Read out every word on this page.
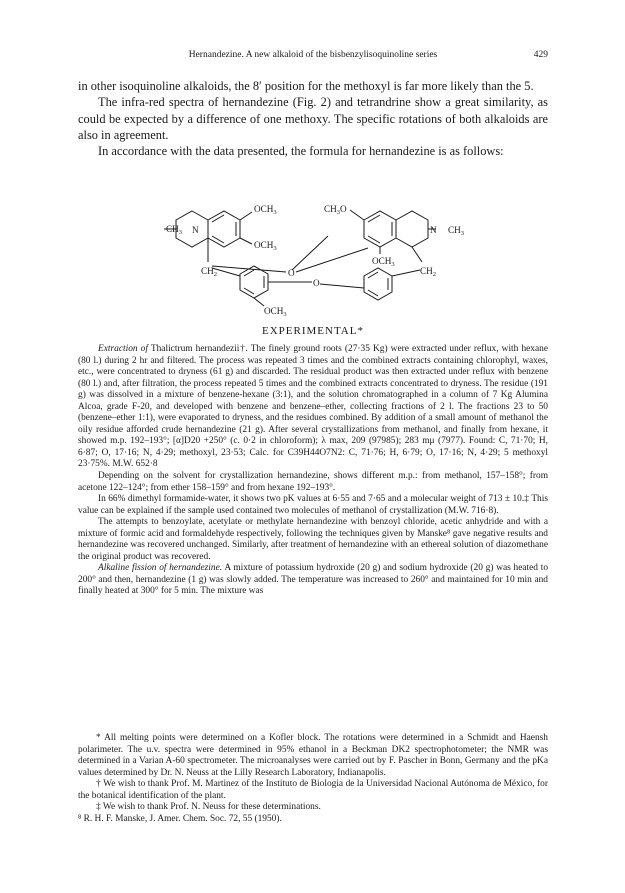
Hernandezine. A new alkaloid of the bisbenzylisoquinoline series	429

in other isoquinoline alkaloids, the 8′ position for the methoxyl is far more likely than the 5.

The infra-red spectra of hernandezine (Fig. 2) and tetrandrine show a great similarity, as could be expected by a difference of one methoxy. The specific rotations of both alkaloids are also in agreement.

In accordance with the data presented, the formula for hernandezine is as follows:

$OCH_3$	$CH_3O$
$CH_3$ N
$OCH_3$
N $CH_3$
$OCH_3$
$CH_2$	$CH_2$
O
O
$OCH_3$
EXPERIMENTAL*

Extraction of Thalictrum hernandezii†. The finely ground roots (27·35 Kg) were extracted under reflux, with hexane (80 l.) during 2 hr and filtered. The process was repeated 3 times and the combined extracts containing chlorophyl, waxes, etc., were concentrated to dryness (61 g) and discarded. The residual product was then extracted under reflux with benzene (80 l.) and, after filtration, the process repeated 5 times and the combined extracts concentrated to dryness. The residue (191 g) was dissolved in a mixture of benzene-hexane (3:1), and the solution chromatographed in a column of 7 Kg Alumina Alcoa, grade F-20, and developed with benzene and benzene–ether, collecting fractions of 2 l. The fractions 23 to 50 (benzene–ether 1:1), were evaporated to dryness, and the residues combined. By addition of a small amount of methanol the oily residue afforded crude hernandezine (21 g). After several crystallizations from methanol, and finally from hexane, it showed m.p. 192–193°; [α]D20 +250° (c. 0·2 in chloroform); λ max, 209 (97985); 283 mμ (7977). Found: C, 71·70; H, 6·87; O, 17·16; N, 4·29; methoxyl, 23·53; Calc. for C39H44O7N2: C, 71·76; H, 6·79; O, 17·16; N, 4·29; 5 methoxyl 23·75%. M.W. 652·8

Depending on the solvent for crystallization hernandezine, shows different m.p.: from methanol, 157–158°; from acetone 122–124°; from ether 158–159° and from hexane 192–193°.

In 66% dimethyl formamide-water, it shows two pK values at 6·55 and 7·65 and a molecular weight of 713 ± 10.‡ This value can be explained if the sample used contained two molecules of methanol of crystallization (M.W. 716·8).

The attempts to benzoylate, acetylate or methylate hernandezine with benzoyl chloride, acetic anhydride and with a mixture of formic acid and formaldehyde respectively, following the techniques given by Manske⁸ gave negative results and hernandezine was recovered unchanged. Similarly, after treatment of hernandezine with an ethereal solution of diazomethane the original product was recovered.

Alkaline fission of hernandezine. A mixture of potassium hydroxide (20 g) and sodium hydroxide (20 g) was heated to 200° and then, hernandezine (1 g) was slowly added. The temperature was increased to 260° and maintained for 10 min and finally heated at 300° for 5 min. The mixture was

* All melting points were determined on a Kofler block. The rotations were determined in a Schmidt and Haensh polarimeter. The u.v. spectra were determined in 95% ethanol in a Beckman DK2 spectrophotometer; the NMR was determined in a Varian A-60 spectrometer. The microanalyses were carried out by F. Pascher in Bonn, Germany and the pKa values determined by Dr. N. Neuss at the Lilly Research Laboratory, Indianapolis.

† We wish to thank Prof. M. Martinez of the Instituto de Biologia de la Universidad Nacional Autónoma de México, for the botanical identification of the plant.

‡ We wish to thank Prof. N. Neuss for these determinations.

⁸ R. H. F. Manske, J. Amer. Chem. Soc. 72, 55 (1950).
